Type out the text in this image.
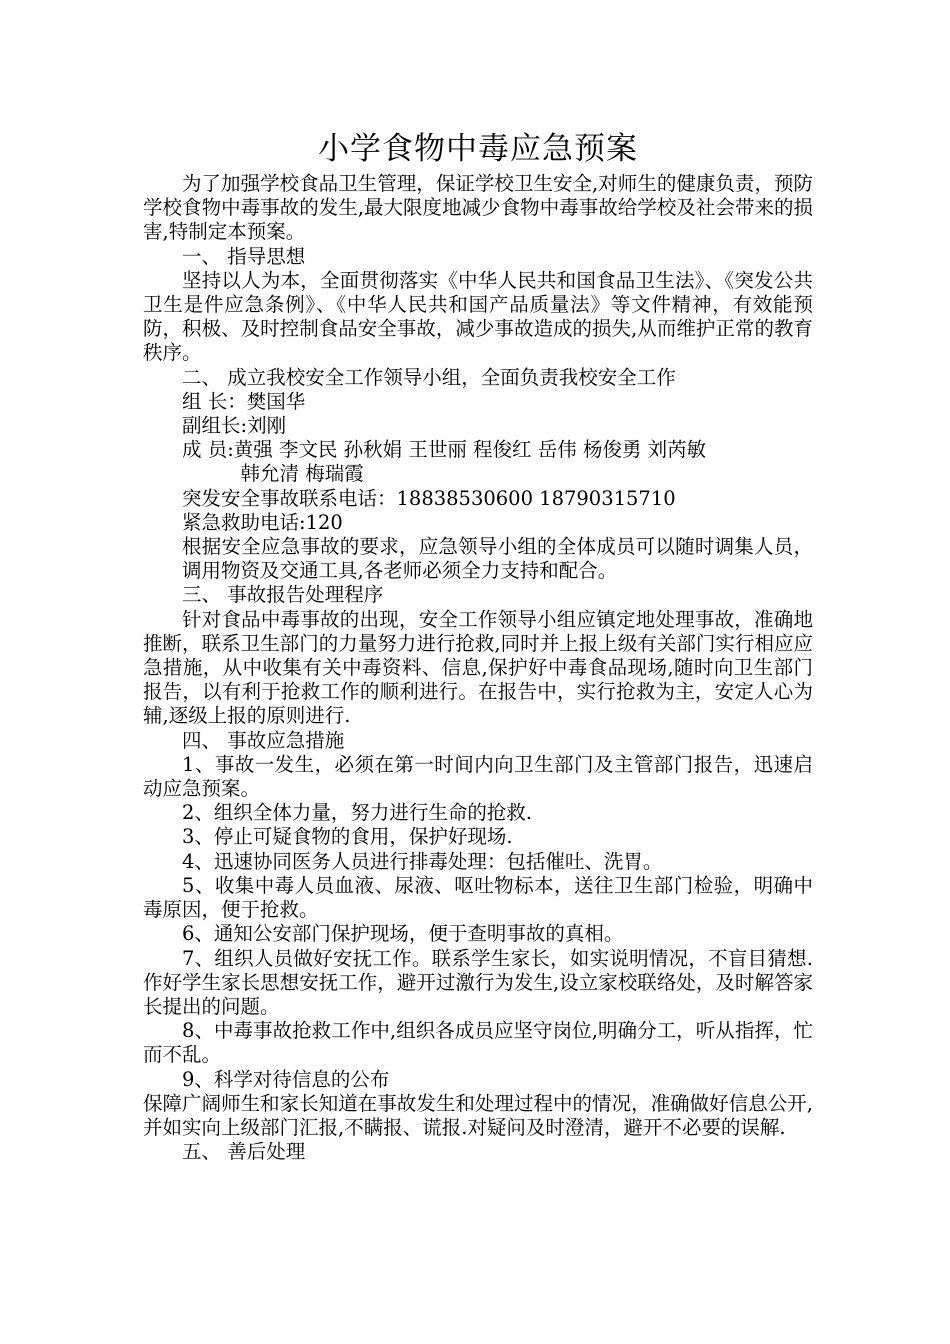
小学食物中毒应急预案

为了加强学校食品卫生管理，保证学校卫生安全,对师生的健康负责，预防学校食物中毒事故的发生,最大限度地减少食物中毒事故给学校及社会带来的损害,特制定本预案。

一、 指导思想

坚持以人为本，全面贯彻落实《中华人民共和国食品卫生法》、《突发公共卫生是件应急条例》、《中华人民共和国产品质量法》等文件精神，有效能预防，积极、及时控制食品安全事故，减少事故造成的损失,从而维护正常的教育秩序。

二、 成立我校安全工作领导小组，全面负责我校安全工作

组 长：樊国华

副组长:刘刚

成 员:黄强 李文民 孙秋娟 王世丽 程俊红 岳伟 杨俊勇 刘芮敏

韩允清 梅瑞霞

突发安全事故联系电话：18838530600 18790315710

紧急救助电话:120

根据安全应急事故的要求，应急领导小组的全体成员可以随时调集人员，调用物资及交通工具,各老师必须全力支持和配合。

三、 事故报告处理程序

针对食品中毒事故的出现，安全工作领导小组应镇定地处理事故，准确地推断，联系卫生部门的力量努力进行抢救,同时并上报上级有关部门实行相应应急措施，从中收集有关中毒资料、信息,保护好中毒食品现场,随时向卫生部门报告，以有利于抢救工作的顺利进行。在报告中，实行抢救为主，安定人心为辅,逐级上报的原则进行.

四、 事故应急措施

1、事故一发生，必须在第一时间内向卫生部门及主管部门报告，迅速启动应急预案。

2、组织全体力量，努力进行生命的抢救.

3、停止可疑食物的食用，保护好现场.

4、迅速协同医务人员进行排毒处理：包括催吐、洗胃。

5、收集中毒人员血液、尿液、呕吐物标本，送往卫生部门检验，明确中毒原因，便于抢救。

6、通知公安部门保护现场，便于查明事故的真相。

7、组织人员做好安抚工作。联系学生家长，如实说明情况，不盲目猜想.作好学生家长思想安抚工作，避开过激行为发生,设立家校联络处，及时解答家长提出的问题。

8、中毒事故抢救工作中,组织各成员应坚守岗位,明确分工，听从指挥，忙而不乱。

9、科学对待信息的公布

保障广阔师生和家长知道在事故发生和处理过程中的情况，准确做好信息公开,并如实向上级部门汇报,不瞒报、谎报.对疑问及时澄清，避开不必要的误解.

五、 善后处理
